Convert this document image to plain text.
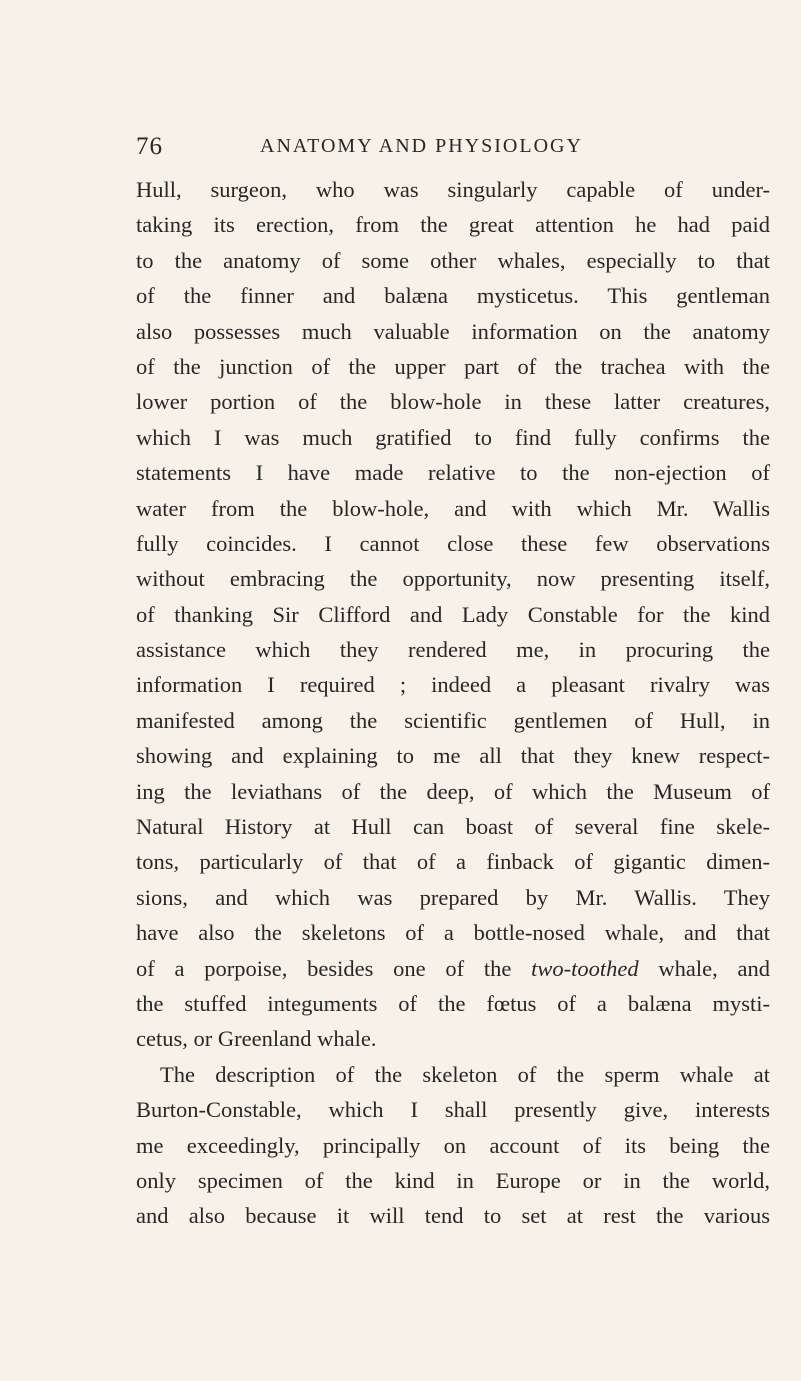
76	ANATOMY AND PHYSIOLOGY
Hull, surgeon, who was singularly capable of under-
taking its erection, from the great attention he had paid
to the anatomy of some other whales, especially to that
of the finner and balæna mysticetus. This gentleman
also possesses much valuable information on the anatomy
of the junction of the upper part of the trachea with the
lower portion of the blow-hole in these latter creatures,
which I was much gratified to find fully confirms the
statements I have made relative to the non-ejection of
water from the blow-hole, and with which Mr. Wallis
fully coincides. I cannot close these few observations
without embracing the opportunity, now presenting itself,
of thanking Sir Clifford and Lady Constable for the kind
assistance which they rendered me, in procuring the
information I required ; indeed a pleasant rivalry was
manifested among the scientific gentlemen of Hull, in
showing and explaining to me all that they knew respect-
ing the leviathans of the deep, of which the Museum of
Natural History at Hull can boast of several fine skele-
tons, particularly of that of a finback of gigantic dimen-
sions, and which was prepared by Mr. Wallis. They
have also the skeletons of a bottle-nosed whale, and that
of a porpoise, besides one of the two-toothed whale, and
the stuffed integuments of the fœtus of a balæna mysti-
cetus, or Greenland whale.
The description of the skeleton of the sperm whale at
Burton-Constable, which I shall presently give, interests
me exceedingly, principally on account of its being the
only specimen of the kind in Europe or in the world,
and also because it will tend to set at rest the various
